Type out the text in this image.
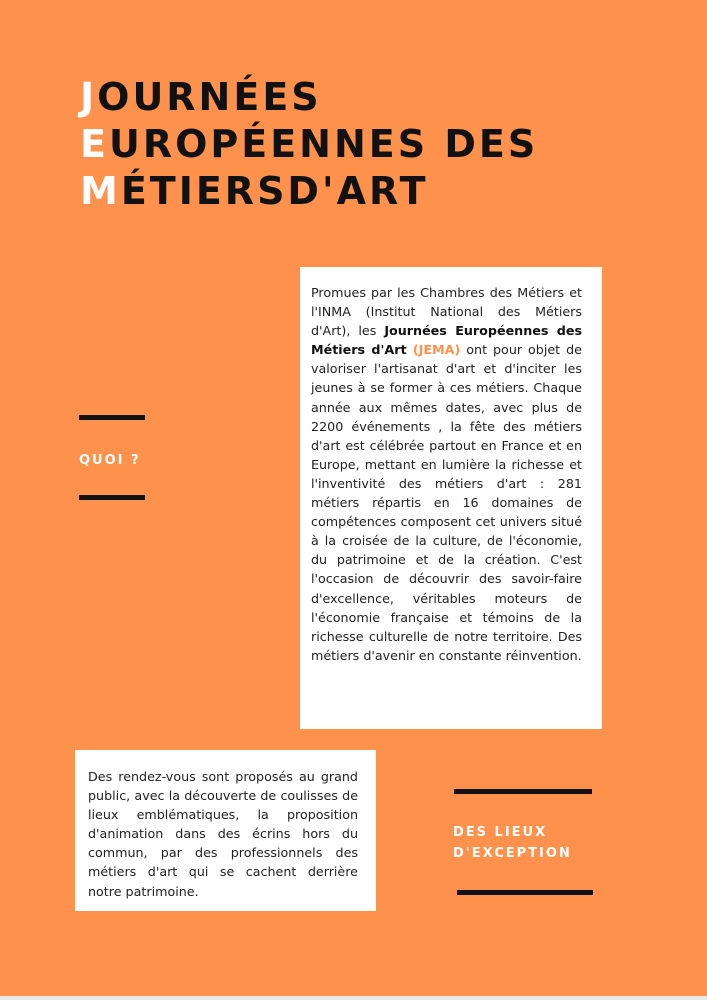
JOURNÉES
EUROPÉENNES DES
MÉTIERSD'ART

QUOI ?

Promues par les Chambres des Métiers et l'INMA (Institut National des Métiers d'Art), les Journées Européennes des Métiers d'Art (JEMA) ont pour objet de valoriser l'artisanat d'art et d'inciter les jeunes à se former à ces métiers. Chaque année aux mêmes dates, avec plus de 2200 événements , la fête des métiers d'art est célébrée partout en France et en Europe, mettant en lumière la richesse et l'inventivité des métiers d'art : 281 métiers répartis en 16 domaines de compétences composent cet univers situé à la croisée de la culture, de l'économie, du patrimoine et de la création. C'est l'occasion de découvrir des savoir-faire d'excellence, véritables moteurs de l'économie française et témoins de la richesse culturelle de notre territoire. Des métiers d'avenir en constante réinvention.
Des rendez-vous sont proposés au grand public, avec la découverte de coulisses de lieux emblématiques, la proposition d'animation dans des écrins hors du commun, par des professionnels des métiers d'art qui se cachent derrière notre patrimoine.

DES LIEUX
D'EXCEPTION
